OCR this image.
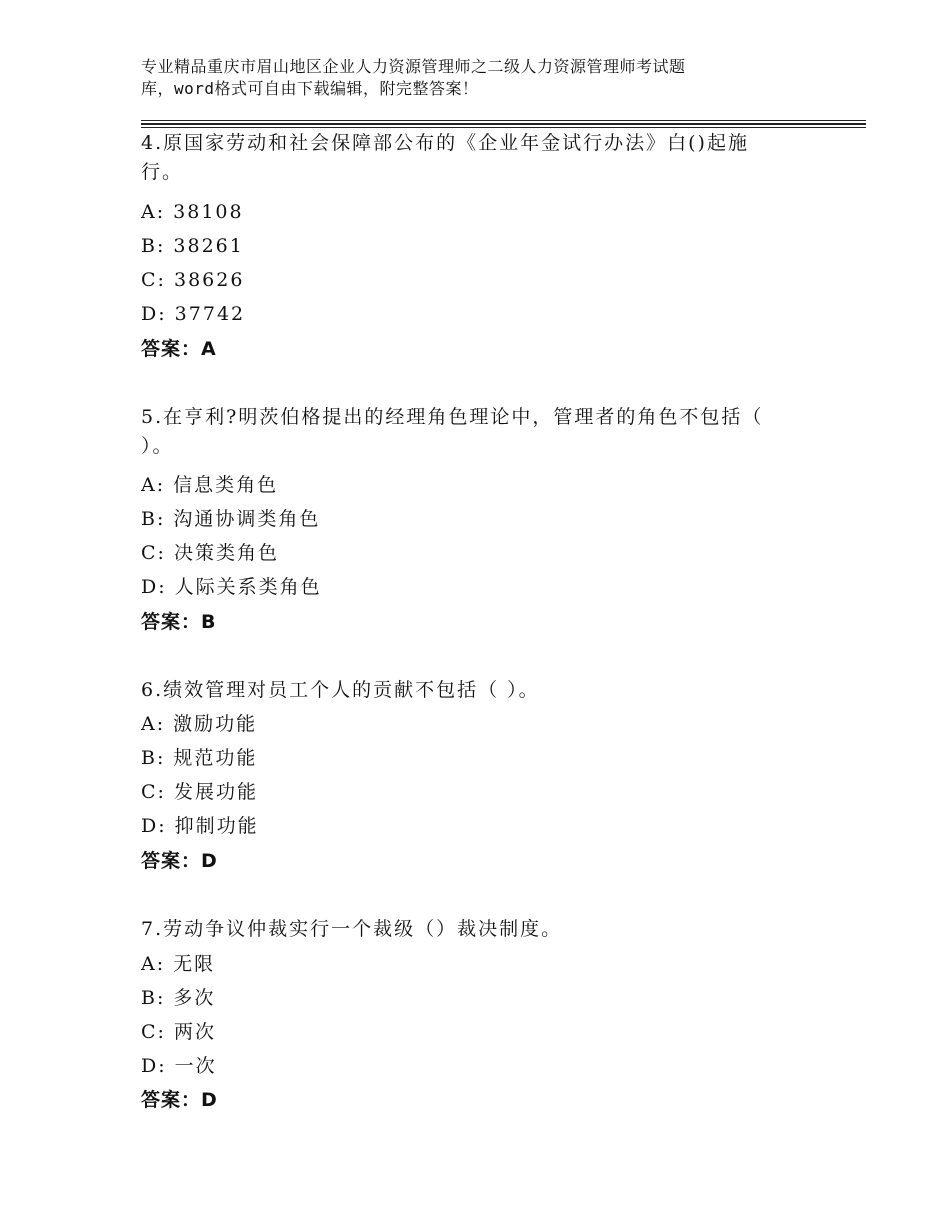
专业精品重庆市眉山地区企业人力资源管理师之二级人力资源管理师考试题
库，word格式可自由下载编辑，附完整答案！
4.原国家劳动和社会保障部公布的《企业年金试行办法》白()起施
行。
A: 38108
B: 38261
C: 38626
D: 37742
答案：A
5.在亨利?明茨伯格提出的经理角色理论中，管理者的角色不包括（
）。
A: 信息类角色
B: 沟通协调类角色
C: 决策类角色
D: 人际关系类角色
答案：B
6.绩效管理对员工个人的贡献不包括（ ）。
A: 激励功能
B: 规范功能
C: 发展功能
D: 抑制功能
答案：D
7.劳动争议仲裁实行一个裁级（）裁决制度。
A: 无限
B: 多次
C: 两次
D: 一次
答案：D
